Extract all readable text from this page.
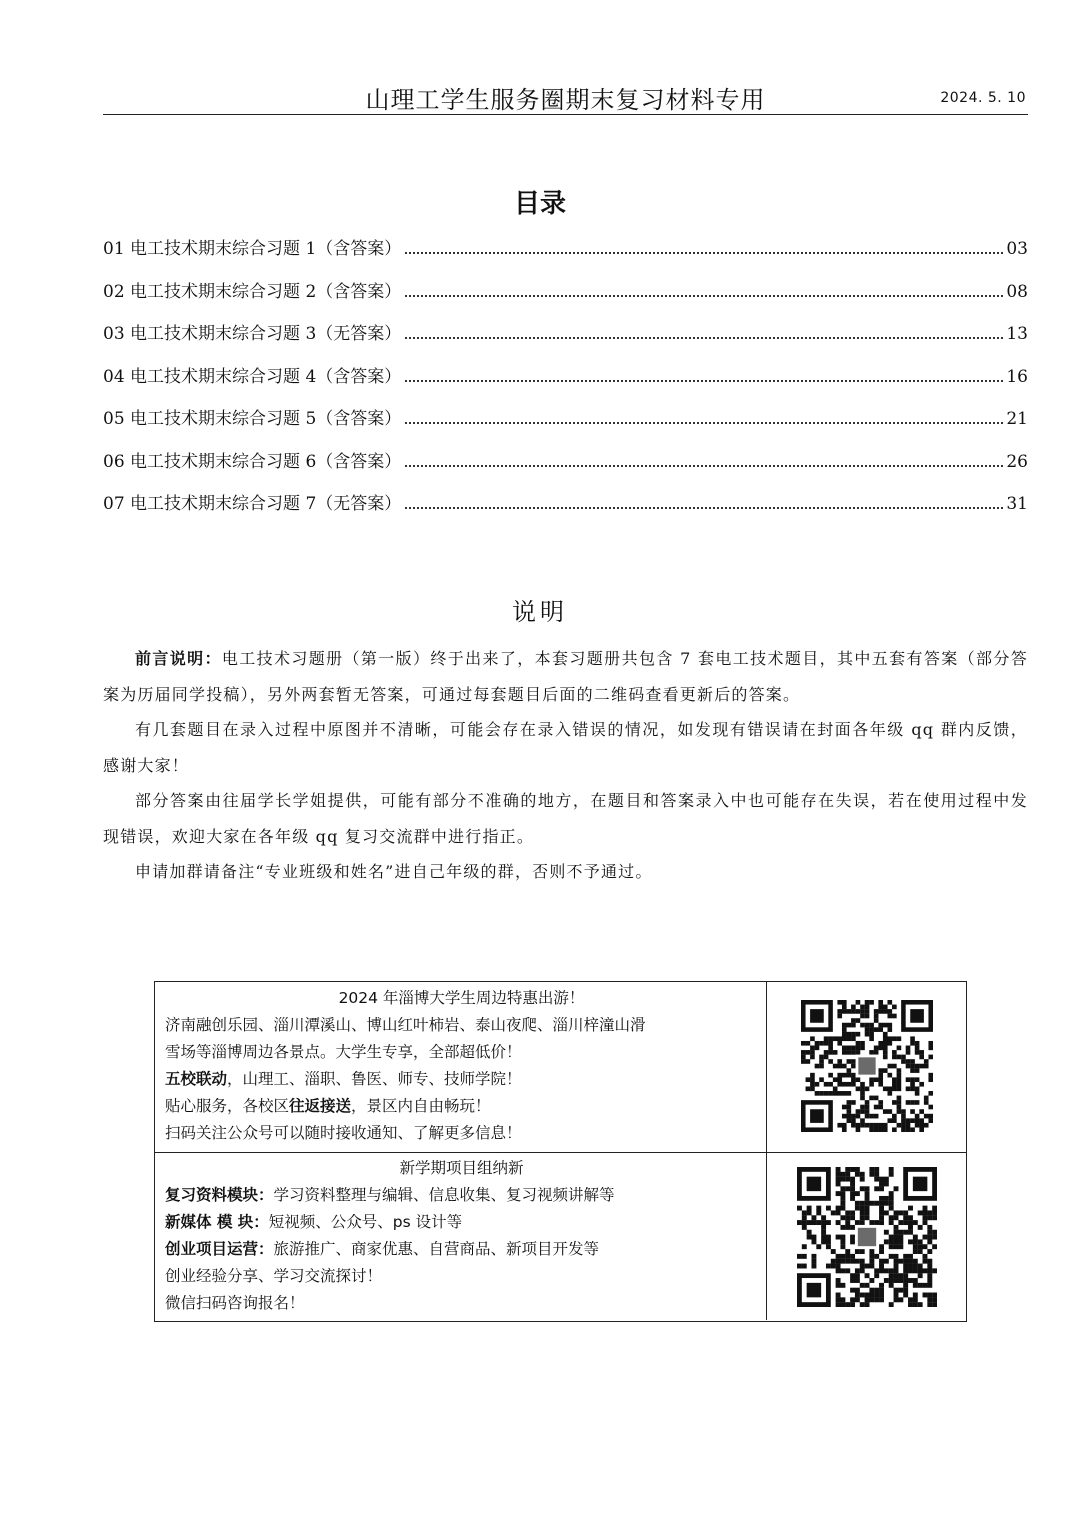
山理工学生服务圈期末复习材料专用	2024. 5. 10
目录
01 电工技术期末综合习题 1（含答案）	03
02 电工技术期末综合习题 2（含答案）	08
03 电工技术期末综合习题 3（无答案）	13
04 电工技术期末综合习题 4（含答案）	16
05 电工技术期末综合习题 5（含答案）	21
06 电工技术期末综合习题 6（含答案）	26
07 电工技术期末综合习题 7（无答案）	31
说明

前言说明：电工技术习题册（第一版）终于出来了，本套习题册共包含 7 套电工技术题目，其中五套有答案（部分答案为历届同学投稿），另外两套暂无答案，可通过每套题目后面的二维码查看更新后的答案。

有几套题目在录入过程中原图并不清晰，可能会存在录入错误的情况，如发现有错误请在封面各年级 qq 群内反馈，感谢大家！

部分答案由往届学长学姐提供，可能有部分不准确的地方，在题目和答案录入中也可能存在失误，若在使用过程中发现错误，欢迎大家在各年级 qq 复习交流群中进行指正。

申请加群请备注“专业班级和姓名”进自己年级的群，否则不予通过。

2024 年淄博大学生周边特惠出游！
济南融创乐园、淄川潭溪山、博山红叶柿岩、泰山夜爬、淄川梓潼山滑
雪场等淄博周边各景点。大学生专享，全部超低价！
五校联动，山理工、淄职、鲁医、师专、技师学院！
贴心服务，各校区往返接送，景区内自由畅玩！
扫码关注公众号可以随时接收通知、了解更多信息！
新学期项目组纳新
复习资料模块：学习资料整理与编辑、信息收集、复习视频讲解等
新媒体 模 块：短视频、公众号、ps 设计等
创业项目运营：旅游推广、商家优惠、自营商品、新项目开发等
创业经验分享、学习交流探讨！
微信扫码咨询报名！
